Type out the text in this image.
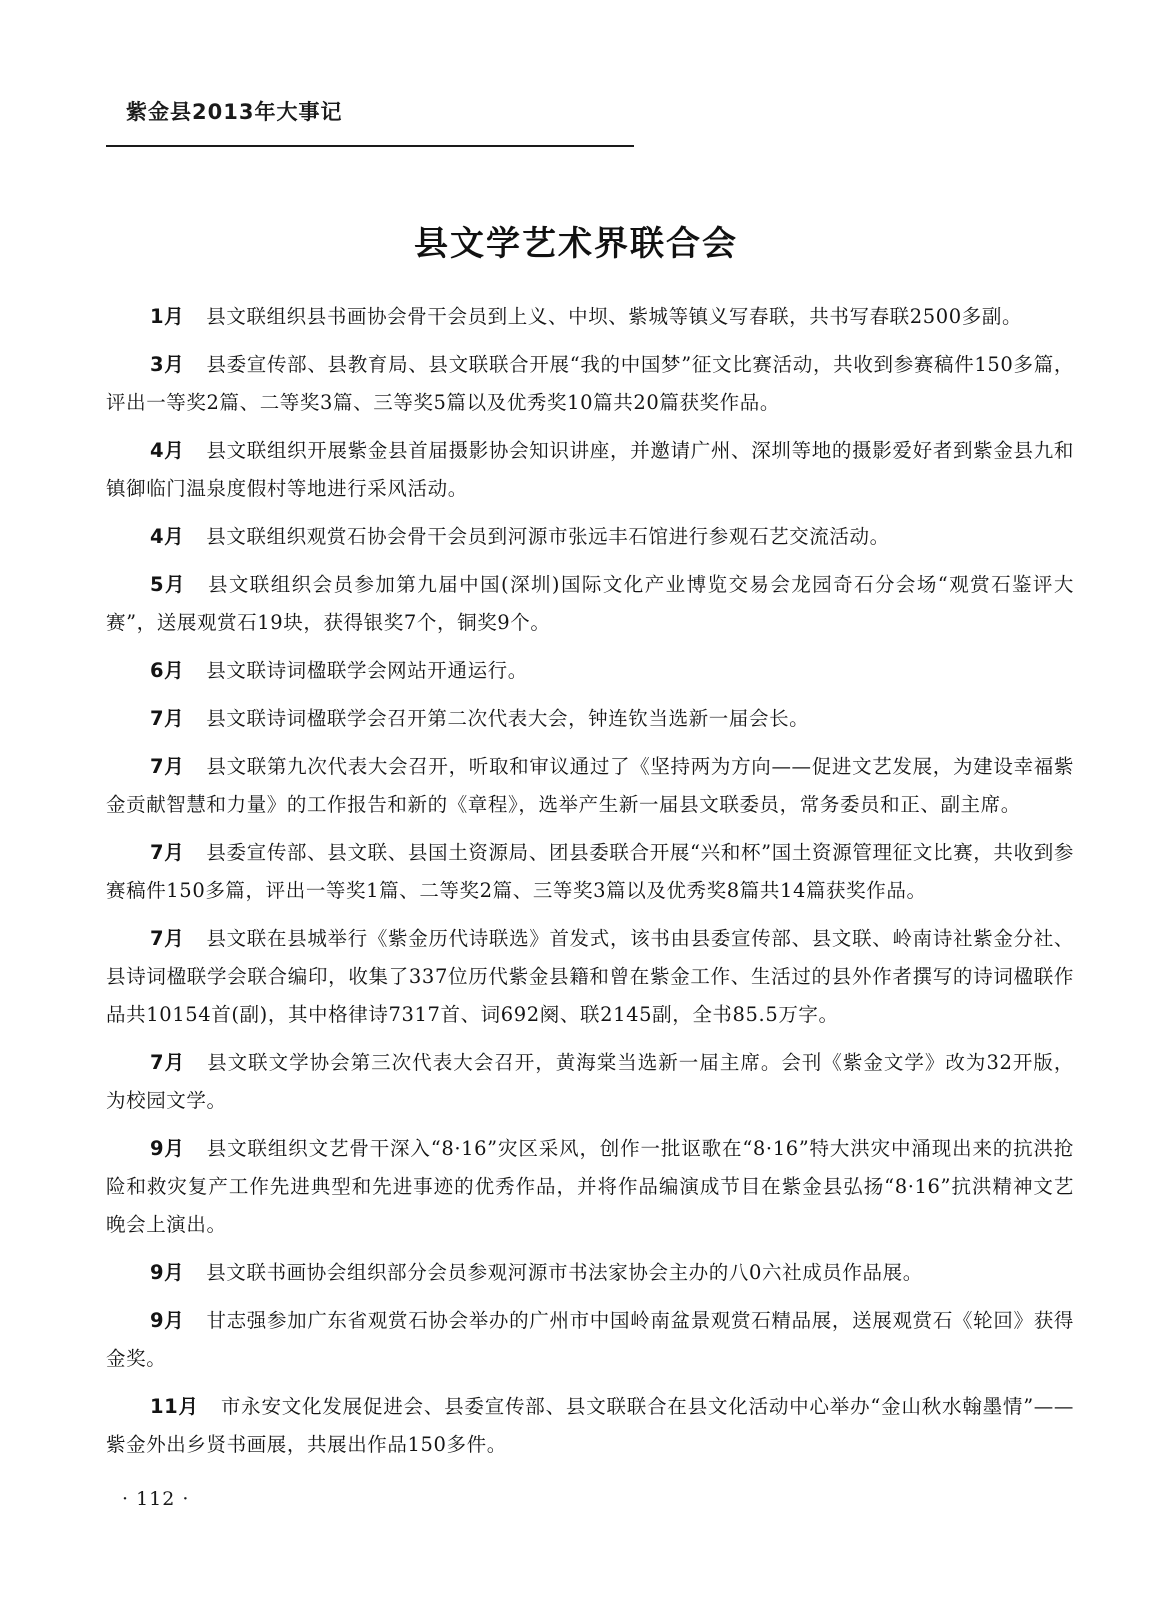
紫金县2013年大事记
县文学艺术界联合会

1月 县文联组织县书画协会骨干会员到上义、中坝、紫城等镇义写春联，共书写春联2500多副。

3月 县委宣传部、县教育局、县文联联合开展“我的中国梦”征文比赛活动，共收到参赛稿件150多篇，评出一等奖2篇、二等奖3篇、三等奖5篇以及优秀奖10篇共20篇获奖作品。

4月 县文联组织开展紫金县首届摄影协会知识讲座，并邀请广州、深圳等地的摄影爱好者到紫金县九和镇御临门温泉度假村等地进行采风活动。

4月 县文联组织观赏石协会骨干会员到河源市张远丰石馆进行参观石艺交流活动。

5月 县文联组织会员参加第九届中国(深圳)国际文化产业博览交易会龙园奇石分会场“观赏石鉴评大赛”，送展观赏石19块，获得银奖7个，铜奖9个。

6月 县文联诗词楹联学会网站开通运行。

7月 县文联诗词楹联学会召开第二次代表大会，钟连钦当选新一届会长。

7月 县文联第九次代表大会召开，听取和审议通过了《坚持两为方向——促进文艺发展，为建设幸福紫金贡献智慧和力量》的工作报告和新的《章程》，选举产生新一届县文联委员，常务委员和正、副主席。

7月 县委宣传部、县文联、县国土资源局、团县委联合开展“兴和杯”国土资源管理征文比赛，共收到参赛稿件150多篇，评出一等奖1篇、二等奖2篇、三等奖3篇以及优秀奖8篇共14篇获奖作品。

7月 县文联在县城举行《紫金历代诗联选》首发式，该书由县委宣传部、县文联、岭南诗社紫金分社、县诗词楹联学会联合编印，收集了337位历代紫金县籍和曾在紫金工作、生活过的县外作者撰写的诗词楹联作品共10154首(副)，其中格律诗7317首、词692阕、联2145副，全书85.5万字。

7月 县文联文学协会第三次代表大会召开，黄海棠当选新一届主席。会刊《紫金文学》改为32开版，为校园文学。

9月 县文联组织文艺骨干深入“8·16”灾区采风，创作一批讴歌在“8·16”特大洪灾中涌现出来的抗洪抢险和救灾复产工作先进典型和先进事迹的优秀作品，并将作品编演成节目在紫金县弘扬“8·16”抗洪精神文艺晚会上演出。

9月 县文联书画协会组织部分会员参观河源市书法家协会主办的八0六社成员作品展。

9月 甘志强参加广东省观赏石协会举办的广州市中国岭南盆景观赏石精品展，送展观赏石《轮回》获得金奖。

11月 市永安文化发展促进会、县委宣传部、县文联联合在县文化活动中心举办“金山秋水翰墨情”——紫金外出乡贤书画展，共展出作品150多件。

· 112 ·
